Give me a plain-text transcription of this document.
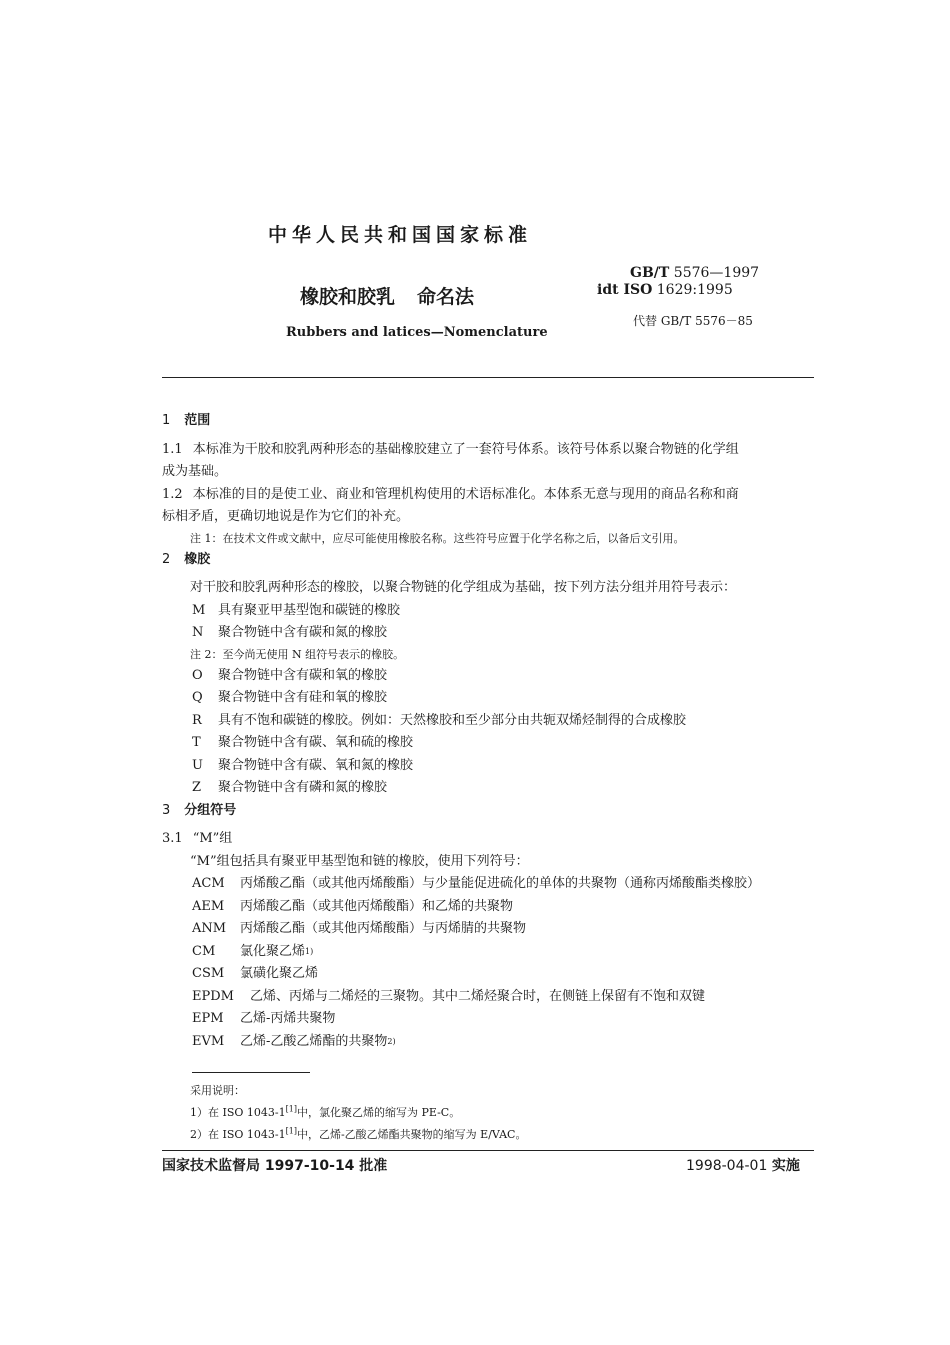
中华人民共和国国家标准
橡胶和胶乳 命名法
Rubbers and latices—Nomenclature
GB/T 5576—1997
idt ISO 1629:1995
代替 GB/T 5576－85

1 范围

1.1 本标准为干胶和胶乳两种形态的基础橡胶建立了一套符号体系。该符号体系以聚合物链的化学组

成为基础。

1.2 本标准的目的是使工业、商业和管理机构使用的术语标准化。本体系无意与现用的商品名称和商

标相矛盾，更确切地说是作为它们的补充。

注 1：在技术文件或文献中，应尽可能使用橡胶名称。这些符号应置于化学名称之后，以备后文引用。

2 橡胶

对干胶和胶乳两种形态的橡胶，以聚合物链的化学组成为基础，按下列方法分组并用符号表示：

M 具有聚亚甲基型饱和碳链的橡胶
N	聚合物链中含有碳和氮的橡胶

注 2：至今尚无使用 N 组符号表示的橡胶。

O	聚合物链中含有碳和氧的橡胶
Q	聚合物链中含有硅和氧的橡胶
R	具有不饱和碳链的橡胶。例如：天然橡胶和至少部分由共轭双烯烃制得的合成橡胶
T	聚合物链中含有碳、氧和硫的橡胶
U	聚合物链中含有碳、氧和氮的橡胶
Z	聚合物链中含有磷和氮的橡胶

3 分组符号

3.1 “M”组

“M”组包括具有聚亚甲基型饱和链的橡胶，使用下列符号：

ACM	丙烯酸乙酯（或其他丙烯酸酯）与少量能促进硫化的单体的共聚物（通称丙烯酸酯类橡胶）
AEM	丙烯酸乙酯（或其他丙烯酸酯）和乙烯的共聚物
ANM	丙烯酸乙酯（或其他丙烯酸酯）与丙烯腈的共聚物
CM	氯化聚乙烯 1)
CSM	氯磺化聚乙烯
EPDM	乙烯、丙烯与二烯烃的三聚物。其中二烯烃聚合时，在侧链上保留有不饱和双键
EPM	乙烯-丙烯共聚物
EVM	乙烯-乙酸乙烯酯的共聚物 2)
采用说明：
1）在 ISO 1043-1[1]中，氯化聚乙烯的缩写为 PE-C。
2）在 ISO 1043-1[1]中，乙烯-乙酸乙烯酯共聚物的缩写为 E/VAC。
国家技术监督局 1997-10-14 批准	1998-04-01 实施
